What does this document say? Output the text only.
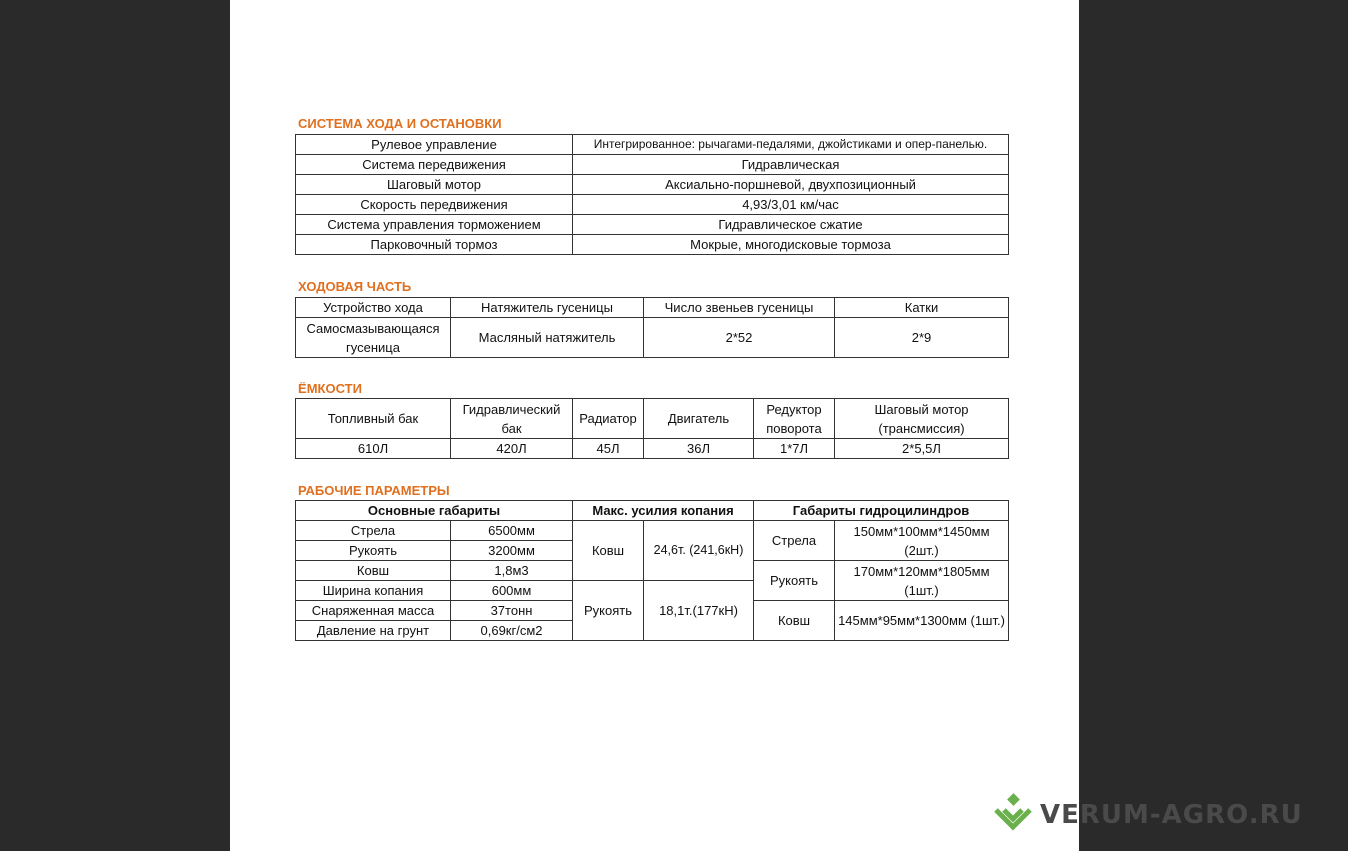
СИСТЕМА ХОДА И ОСТАНОВКИ
Рулевое управление	Интегрированное: рычагами-педалями, джойстиками и опер-панелью.
Система передвижения	Гидравлическая
Шаговый мотор	Аксиально-поршневой, двухпозиционный
Скорость передвижения	4,93/3,01 км/час
Система управления торможением	Гидравлическое сжатие
Парковочный тормоз	Мокрые, многодисковые тормоза
ХОДОВАЯ ЧАСТЬ
Устройство хода	Натяжитель гусеницы	Число звеньев гусеницы	Катки
Самосмазывающаяся гусеница	Масляный натяжитель	2*52	2*9
ЁМКОСТИ
Топливный бак	Гидравлический бак	Радиатор	Двигатель	Редуктор поворота	Шаговый мотор (трансмиссия)
610Л	420Л	45Л	36Л	1*7Л	2*5,5Л
РАБОЧИЕ ПАРАМЕТРЫ
Основные габариты		Макс. усилия копания		Габариты гидроцилиндров	
Стрела	6500мм	Ковш	24,6т. (241,6кН)	Стрела	150мм*100мм*1450мм (2шт.)
Рукоять	3200мм				
Ковш	1,8м3			Рукоять	170мм*120мм*1805мм (1шт.)
Ширина копания	600мм	Рукоять	18,1т.(177кН)		
Снаряженная масса	37тонн			Ковш	145мм*95мм*1300мм (1шт.)
Давление на грунт	0,69кг/см2				
VERUM-AGRO.RU
